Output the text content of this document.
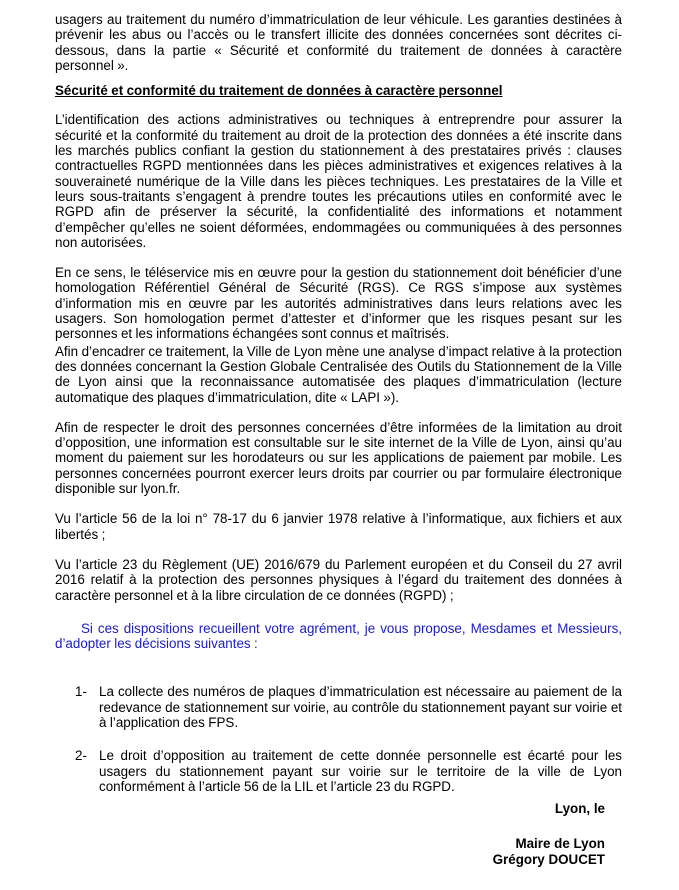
usagers au traitement du numéro d’immatriculation de leur véhicule. Les garanties destinées à prévenir les abus ou l’accès ou le transfert illicite des données concernées sont décrites ci-dessous, dans la partie « Sécurité et conformité du traitement de données à caractère personnel ».

Sécurité et conformité du traitement de données à caractère personnel

L’identification des actions administratives ou techniques à entreprendre pour assurer la sécurité et la conformité du traitement au droit de la protection des données a été inscrite dans les marchés publics confiant la gestion du stationnement à des prestataires privés : clauses contractuelles RGPD mentionnées dans les pièces administratives et exigences relatives à la souveraineté numérique de la Ville dans les pièces techniques. Les prestataires de la Ville et leurs sous-traitants s’engagent à prendre toutes les précautions utiles en conformité avec le RGPD afin de préserver la sécurité, la confidentialité des informations et notamment d’empêcher qu’elles ne soient déformées, endommagées ou communiquées à des personnes non autorisées.

En ce sens, le téléservice mis en œuvre pour la gestion du stationnement doit bénéficier d’une homologation Référentiel Général de Sécurité (RGS). Ce RGS s’impose aux systèmes d’information mis en œuvre par les autorités administratives dans leurs relations avec les usagers. Son homologation permet d’attester et d’informer que les risques pesant sur les personnes et les informations échangées sont connus et maîtrisés.

Afin d’encadrer ce traitement, la Ville de Lyon mène une analyse d’impact relative à la protection des données concernant la Gestion Globale Centralisée des Outils du Stationnement de la Ville de Lyon ainsi que la reconnaissance automatisée des plaques d’immatriculation (lecture automatique des plaques d’immatriculation, dite « LAPI »).

Afin de respecter le droit des personnes concernées d’être informées de la limitation au droit d’opposition, une information est consultable sur le site internet de la Ville de Lyon, ainsi qu’au moment du paiement sur les horodateurs ou sur les applications de paiement par mobile. Les personnes concernées pourront exercer leurs droits par courrier ou par formulaire électronique disponible sur lyon.fr.

Vu l’article 56 de la loi n° 78-17 du 6 janvier 1978 relative à l’informatique, aux fichiers et aux libertés ;

Vu l’article 23 du Règlement (UE) 2016/679 du Parlement européen et du Conseil du 27 avril 2016 relatif à la protection des personnes physiques à l’égard du traitement des données à caractère personnel et à la libre circulation de ce données (RGPD) ;

Si ces dispositions recueillent votre agrément, je vous propose, Mesdames et Messieurs, d’adopter les décisions suivantes :

1- La collecte des numéros de plaques d’immatriculation est nécessaire au paiement de la redevance de stationnement sur voirie, au contrôle du stationnement payant sur voirie et à l’application des FPS.
2- Le droit d’opposition au traitement de cette donnée personnelle est écarté pour les usagers du stationnement payant sur voirie sur le territoire de la ville de Lyon conformément à l’article 56 de la LIL et l’article 23 du RGPD.
Lyon, le
Maire de Lyon
Grégory DOUCET
